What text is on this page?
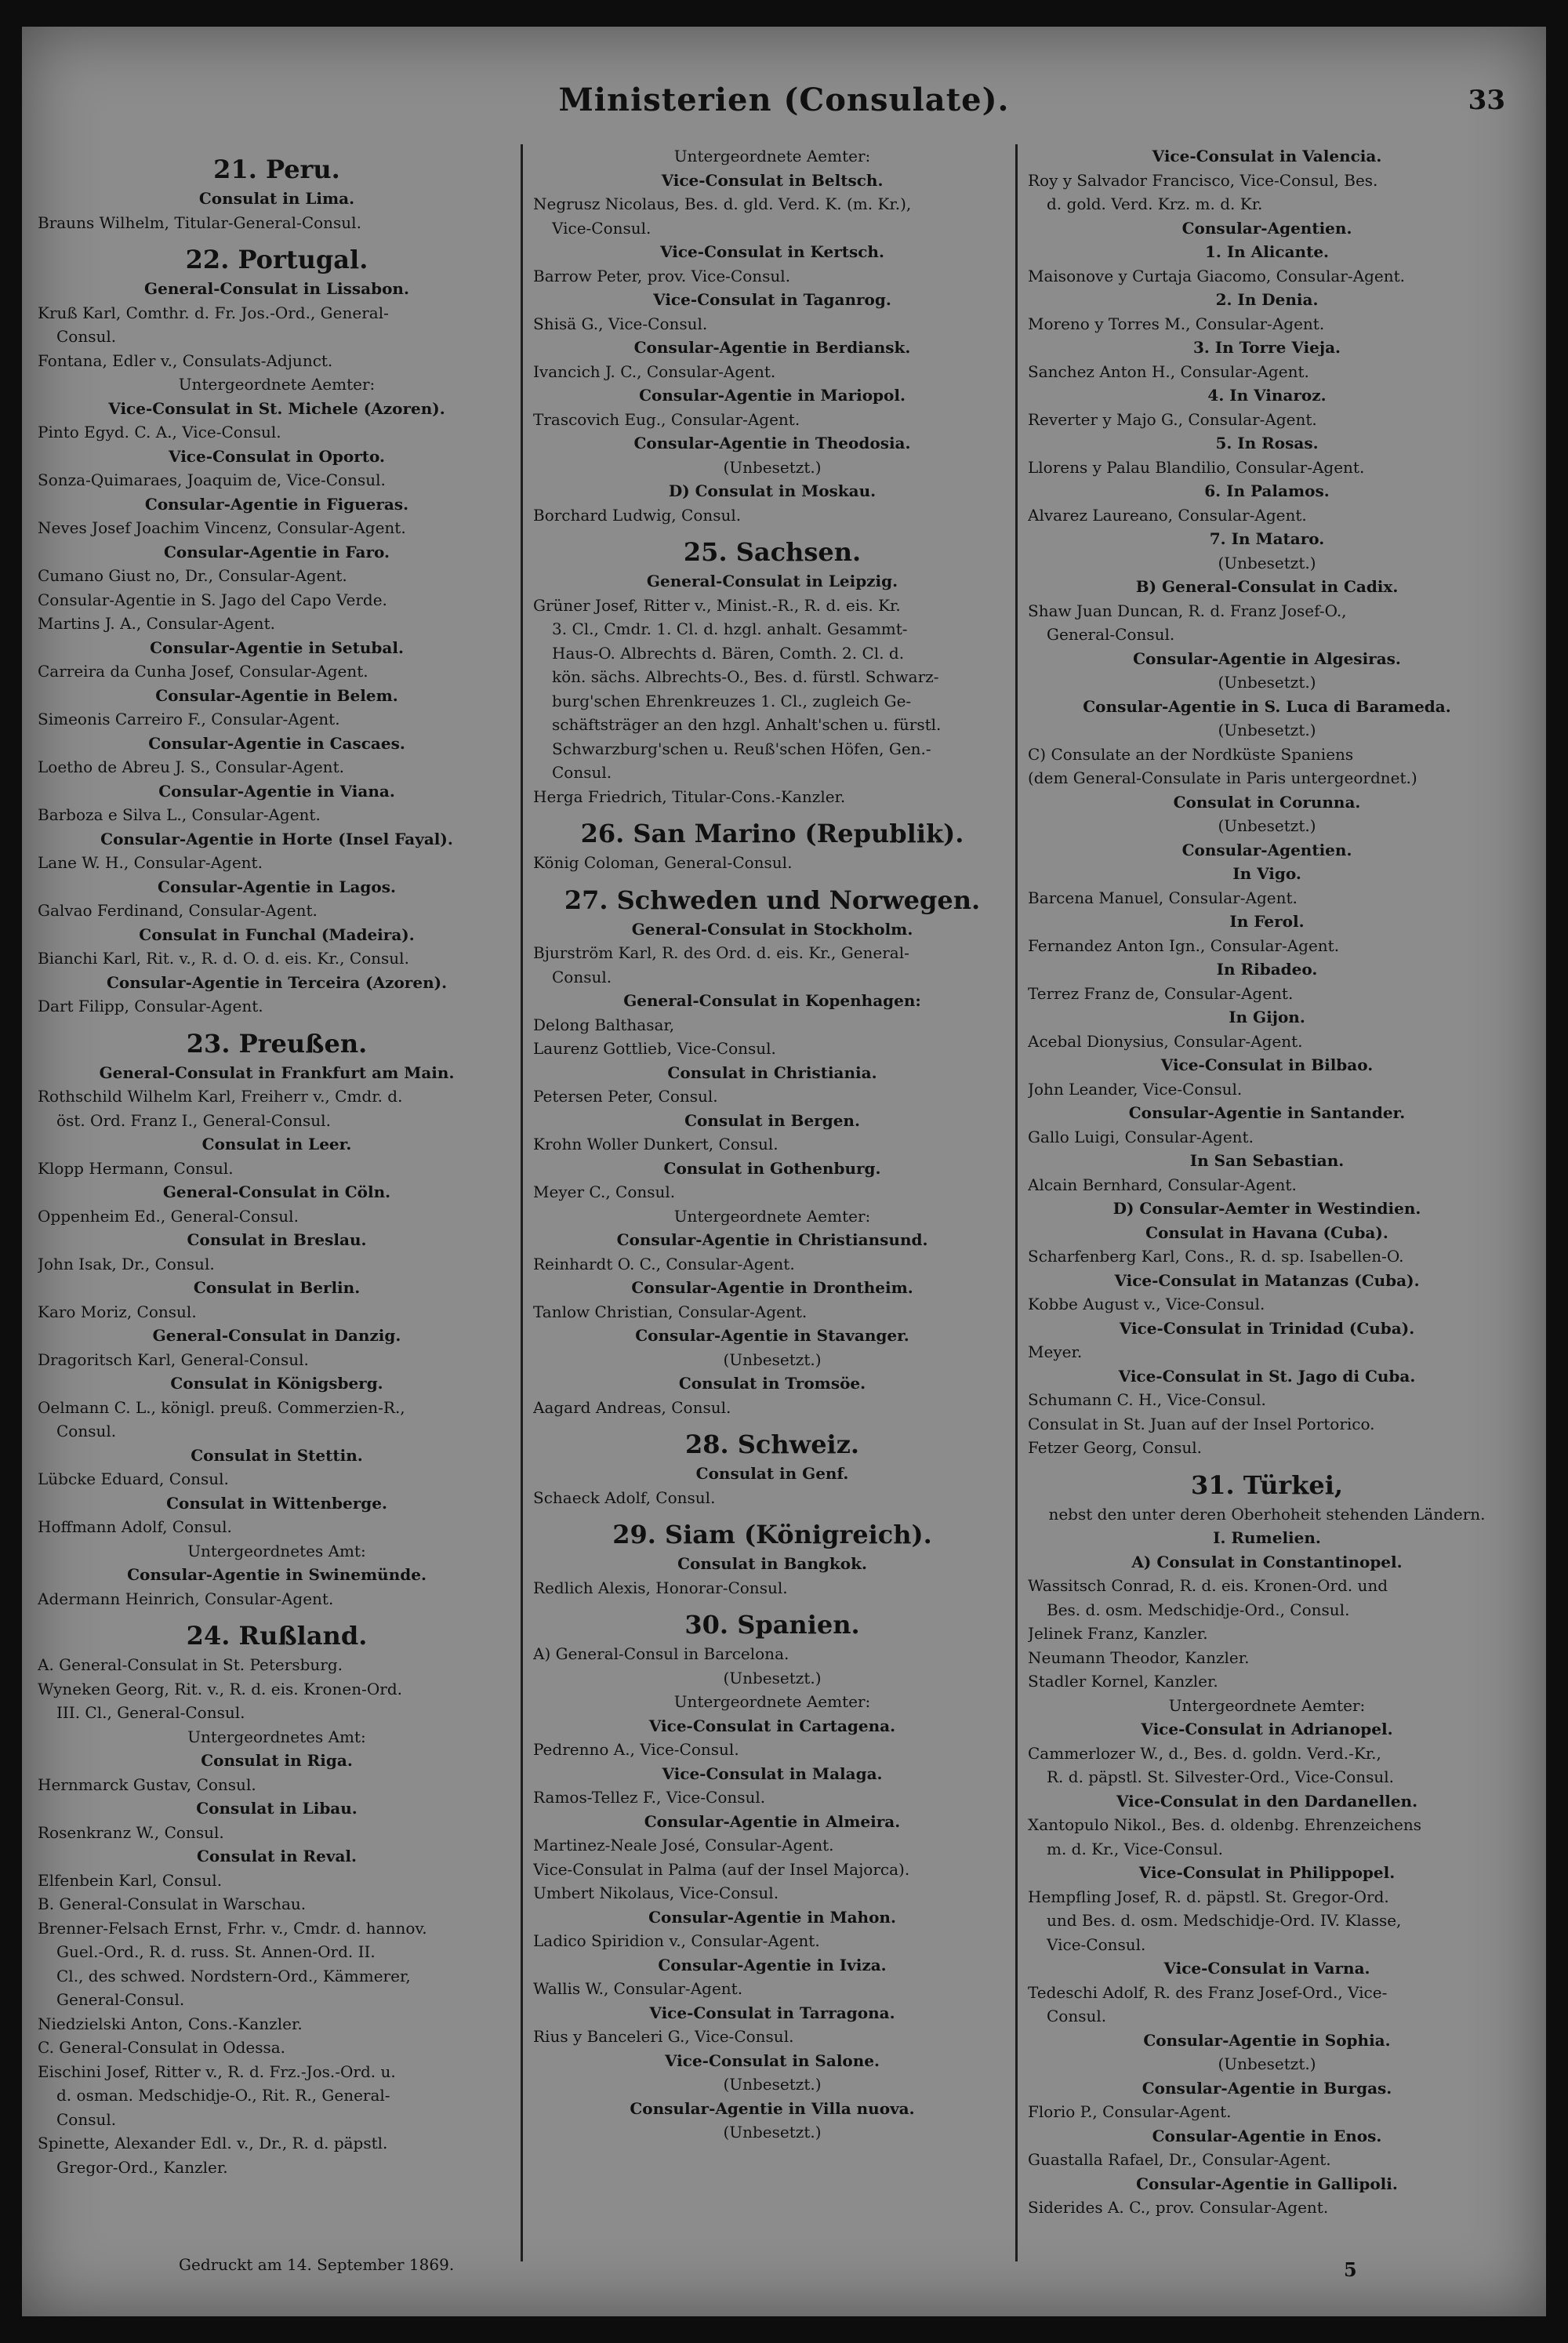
Ministerien (Consulate).	33
21. Peru.
Consulat in Lima.
Brauns Wilhelm, Titular-General-Consul.
22. Portugal.
General-Consulat in Lissabon.
Kruß Karl, Comthr. d. Fr. Jos.-Ord., General-
Consul.
Fontana, Edler v., Consulats-Adjunct.
Untergeordnete Aemter:
Vice-Consulat in St. Michele (Azoren).
Pinto Egyd. C. A., Vice-Consul.
Vice-Consulat in Oporto.
Sonza-Quimaraes, Joaquim de, Vice-Consul.
Consular-Agentie in Figueras.
Neves Josef Joachim Vincenz, Consular-Agent.
Consular-Agentie in Faro.
Cumano Giust no, Dr., Consular-Agent.
Consular-Agentie in S. Jago del Capo Verde.
Martins J. A., Consular-Agent.
Consular-Agentie in Setubal.
Carreira da Cunha Josef, Consular-Agent.
Consular-Agentie in Belem.
Simeonis Carreiro F., Consular-Agent.
Consular-Agentie in Cascaes.
Loetho de Abreu J. S., Consular-Agent.
Consular-Agentie in Viana.
Barboza e Silva L., Consular-Agent.
Consular-Agentie in Horte (Insel Fayal).
Lane W. H., Consular-Agent.
Consular-Agentie in Lagos.
Galvao Ferdinand, Consular-Agent.
Consulat in Funchal (Madeira).
Bianchi Karl, Rit. v., R. d. O. d. eis. Kr., Consul.
Consular-Agentie in Terceira (Azoren).
Dart Filipp, Consular-Agent.
23. Preußen.
General-Consulat in Frankfurt am Main.
Rothschild Wilhelm Karl, Freiherr v., Cmdr. d.
öst. Ord. Franz I., General-Consul.
Consulat in Leer.
Klopp Hermann, Consul.
General-Consulat in Cöln.
Oppenheim Ed., General-Consul.
Consulat in Breslau.
John Isak, Dr., Consul.
Consulat in Berlin.
Karo Moriz, Consul.
General-Consulat in Danzig.
Dragoritsch Karl, General-Consul.
Consulat in Königsberg.
Oelmann C. L., königl. preuß. Commerzien-R.,
Consul.
Consulat in Stettin.
Lübcke Eduard, Consul.
Consulat in Wittenberge.
Hoffmann Adolf, Consul.
Untergeordnetes Amt:
Consular-Agentie in Swinemünde.
Adermann Heinrich, Consular-Agent.
24. Rußland.
A. General-Consulat in St. Petersburg.
Wyneken Georg, Rit. v., R. d. eis. Kronen-Ord.
III. Cl., General-Consul.
Untergeordnetes Amt:
Consulat in Riga.
Hernmarck Gustav, Consul.
Consulat in Libau.
Rosenkranz W., Consul.
Consulat in Reval.
Elfenbein Karl, Consul.
B. General-Consulat in Warschau.
Brenner-Felsach Ernst, Frhr. v., Cmdr. d. hannov.
Guel.-Ord., R. d. russ. St. Annen-Ord. II.
Cl., des schwed. Nordstern-Ord., Kämmerer,
General-Consul.
Niedzielski Anton, Cons.-Kanzler.
C. General-Consulat in Odessa.
Eischini Josef, Ritter v., R. d. Frz.-Jos.-Ord. u.
d. osman. Medschidje-O., Rit. R., General-
Consul.
Spinette, Alexander Edl. v., Dr., R. d. päpstl.
Gregor-Ord., Kanzler.
Untergeordnete Aemter:
Vice-Consulat in Beltsch.
Negrusz Nicolaus, Bes. d. gld. Verd. K. (m. Kr.),
Vice-Consul.
Vice-Consulat in Kertsch.
Barrow Peter, prov. Vice-Consul.
Vice-Consulat in Taganrog.
Shisä G., Vice-Consul.
Consular-Agentie in Berdiansk.
Ivancich J. C., Consular-Agent.
Consular-Agentie in Mariopol.
Trascovich Eug., Consular-Agent.
Consular-Agentie in Theodosia.
(Unbesetzt.)
D) Consulat in Moskau.
Borchard Ludwig, Consul.
25. Sachsen.
General-Consulat in Leipzig.
Grüner Josef, Ritter v., Minist.-R., R. d. eis. Kr.
3. Cl., Cmdr. 1. Cl. d. hzgl. anhalt. Gesammt-
Haus-O. Albrechts d. Bären, Comth. 2. Cl. d.
kön. sächs. Albrechts-O., Bes. d. fürstl. Schwarz-
burg'schen Ehrenkreuzes 1. Cl., zugleich Ge-
schäftsträger an den hzgl. Anhalt'schen u. fürstl.
Schwarzburg'schen u. Reuß'schen Höfen, Gen.-
Consul.
Herga Friedrich, Titular-Cons.-Kanzler.
26. San Marino (Republik).
König Coloman, General-Consul.
27. Schweden und Norwegen.
General-Consulat in Stockholm.
Bjurström Karl, R. des Ord. d. eis. Kr., General-
Consul.
General-Consulat in Kopenhagen:
Delong Balthasar,
Laurenz Gottlieb, Vice-Consul.
Consulat in Christiania.
Petersen Peter, Consul.
Consulat in Bergen.
Krohn Woller Dunkert, Consul.
Consulat in Gothenburg.
Meyer C., Consul.
Untergeordnete Aemter:
Consular-Agentie in Christiansund.
Reinhardt O. C., Consular-Agent.
Consular-Agentie in Drontheim.
Tanlow Christian, Consular-Agent.
Consular-Agentie in Stavanger.
(Unbesetzt.)
Consulat in Tromsöe.
Aagard Andreas, Consul.
28. Schweiz.
Consulat in Genf.
Schaeck Adolf, Consul.
29. Siam (Königreich).
Consulat in Bangkok.
Redlich Alexis, Honorar-Consul.
30. Spanien.
A) General-Consul in Barcelona.
(Unbesetzt.)
Untergeordnete Aemter:
Vice-Consulat in Cartagena.
Pedrenno A., Vice-Consul.
Vice-Consulat in Malaga.
Ramos-Tellez F., Vice-Consul.
Consular-Agentie in Almeira.
Martinez-Neale José, Consular-Agent.
Vice-Consulat in Palma (auf der Insel Majorca).
Umbert Nikolaus, Vice-Consul.
Consular-Agentie in Mahon.
Ladico Spiridion v., Consular-Agent.
Consular-Agentie in Iviza.
Wallis W., Consular-Agent.
Vice-Consulat in Tarragona.
Rius y Banceleri G., Vice-Consul.
Vice-Consulat in Salone.
(Unbesetzt.)
Consular-Agentie in Villa nuova.
(Unbesetzt.)
Vice-Consulat in Valencia.
Roy y Salvador Francisco, Vice-Consul, Bes.
d. gold. Verd. Krz. m. d. Kr.
Consular-Agentien.
1. In Alicante.
Maisonove y Curtaja Giacomo, Consular-Agent.
2. In Denia.
Moreno y Torres M., Consular-Agent.
3. In Torre Vieja.
Sanchez Anton H., Consular-Agent.
4. In Vinaroz.
Reverter y Majo G., Consular-Agent.
5. In Rosas.
Llorens y Palau Blandilio, Consular-Agent.
6. In Palamos.
Alvarez Laureano, Consular-Agent.
7. In Mataro.
(Unbesetzt.)
B) General-Consulat in Cadix.
Shaw Juan Duncan, R. d. Franz Josef-O.,
General-Consul.
Consular-Agentie in Algesiras.
(Unbesetzt.)
Consular-Agentie in S. Luca di Barameda.
(Unbesetzt.)
C) Consulate an der Nordküste Spaniens
(dem General-Consulate in Paris untergeordnet.)
Consulat in Corunna.
(Unbesetzt.)
Consular-Agentien.
In Vigo.
Barcena Manuel, Consular-Agent.
In Ferol.
Fernandez Anton Ign., Consular-Agent.
In Ribadeo.
Terrez Franz de, Consular-Agent.
In Gijon.
Acebal Dionysius, Consular-Agent.
Vice-Consulat in Bilbao.
John Leander, Vice-Consul.
Consular-Agentie in Santander.
Gallo Luigi, Consular-Agent.
In San Sebastian.
Alcain Bernhard, Consular-Agent.
D) Consular-Aemter in Westindien.
Consulat in Havana (Cuba).
Scharfenberg Karl, Cons., R. d. sp. Isabellen-O.
Vice-Consulat in Matanzas (Cuba).
Kobbe August v., Vice-Consul.
Vice-Consulat in Trinidad (Cuba).
Meyer.
Vice-Consulat in St. Jago di Cuba.
Schumann C. H., Vice-Consul.
Consulat in St. Juan auf der Insel Portorico.
Fetzer Georg, Consul.
31. Türkei,
nebst den unter deren Oberhoheit stehenden Ländern.
I. Rumelien.
A) Consulat in Constantinopel.
Wassitsch Conrad, R. d. eis. Kronen-Ord. und
Bes. d. osm. Medschidje-Ord., Consul.
Jelinek Franz, Kanzler.
Neumann Theodor, Kanzler.
Stadler Kornel, Kanzler.
Untergeordnete Aemter:
Vice-Consulat in Adrianopel.
Cammerlozer W., d., Bes. d. goldn. Verd.-Kr.,
R. d. päpstl. St. Silvester-Ord., Vice-Consul.
Vice-Consulat in den Dardanellen.
Xantopulo Nikol., Bes. d. oldenbg. Ehrenzeichens
m. d. Kr., Vice-Consul.
Vice-Consulat in Philippopel.
Hempfling Josef, R. d. päpstl. St. Gregor-Ord.
und Bes. d. osm. Medschidje-Ord. IV. Klasse,
Vice-Consul.
Vice-Consulat in Varna.
Tedeschi Adolf, R. des Franz Josef-Ord., Vice-
Consul.
Consular-Agentie in Sophia.
(Unbesetzt.)
Consular-Agentie in Burgas.
Florio P., Consular-Agent.
Consular-Agentie in Enos.
Guastalla Rafael, Dr., Consular-Agent.
Consular-Agentie in Gallipoli.
Siderides A. C., prov. Consular-Agent.
Gedruckt am 14. September 1869.	5
